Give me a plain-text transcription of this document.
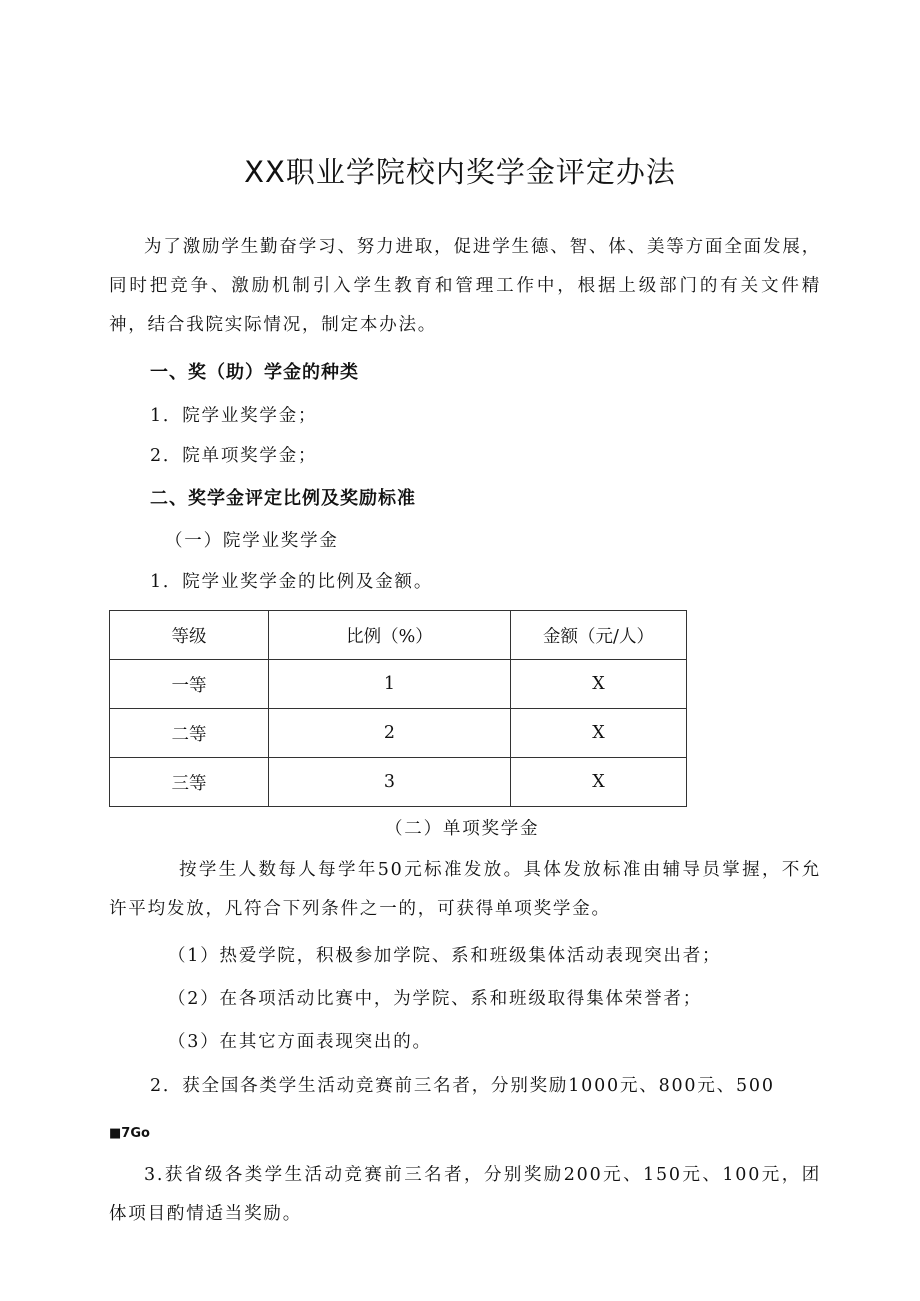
XX职业学院校内奖学金评定办法

为了激励学生勤奋学习、努力进取，促进学生德、智、体、美等方面全面发展，同时把竞争、激励机制引入学生教育和管理工作中，根据上级部门的有关文件精神，结合我院实际情况，制定本办法。

一、奖（助）学金的种类

1．院学业奖学金；

2．院单项奖学金；

二、奖学金评定比例及奖励标准

（一）院学业奖学金

1．院学业奖学金的比例及金额。

等级	比例（%）	金额（元/人）
一等	1	X
二等	2	X
三等	3	X

（二）单项奖学金

按学生人数每人每学年50元标准发放。具体发放标准由辅导员掌握，不允许平均发放，凡符合下列条件之一的，可获得单项奖学金。

（1）热爱学院，积极参加学院、系和班级集体活动表现突出者；

（2）在各项活动比赛中，为学院、系和班级取得集体荣誉者；

（3）在其它方面表现突出的。

2．获全国各类学生活动竞赛前三名者，分别奖励1000元、800元、500

■7Go

3.获省级各类学生活动竞赛前三名者，分别奖励200元、150元、100元，团体项目酌情适当奖励。
